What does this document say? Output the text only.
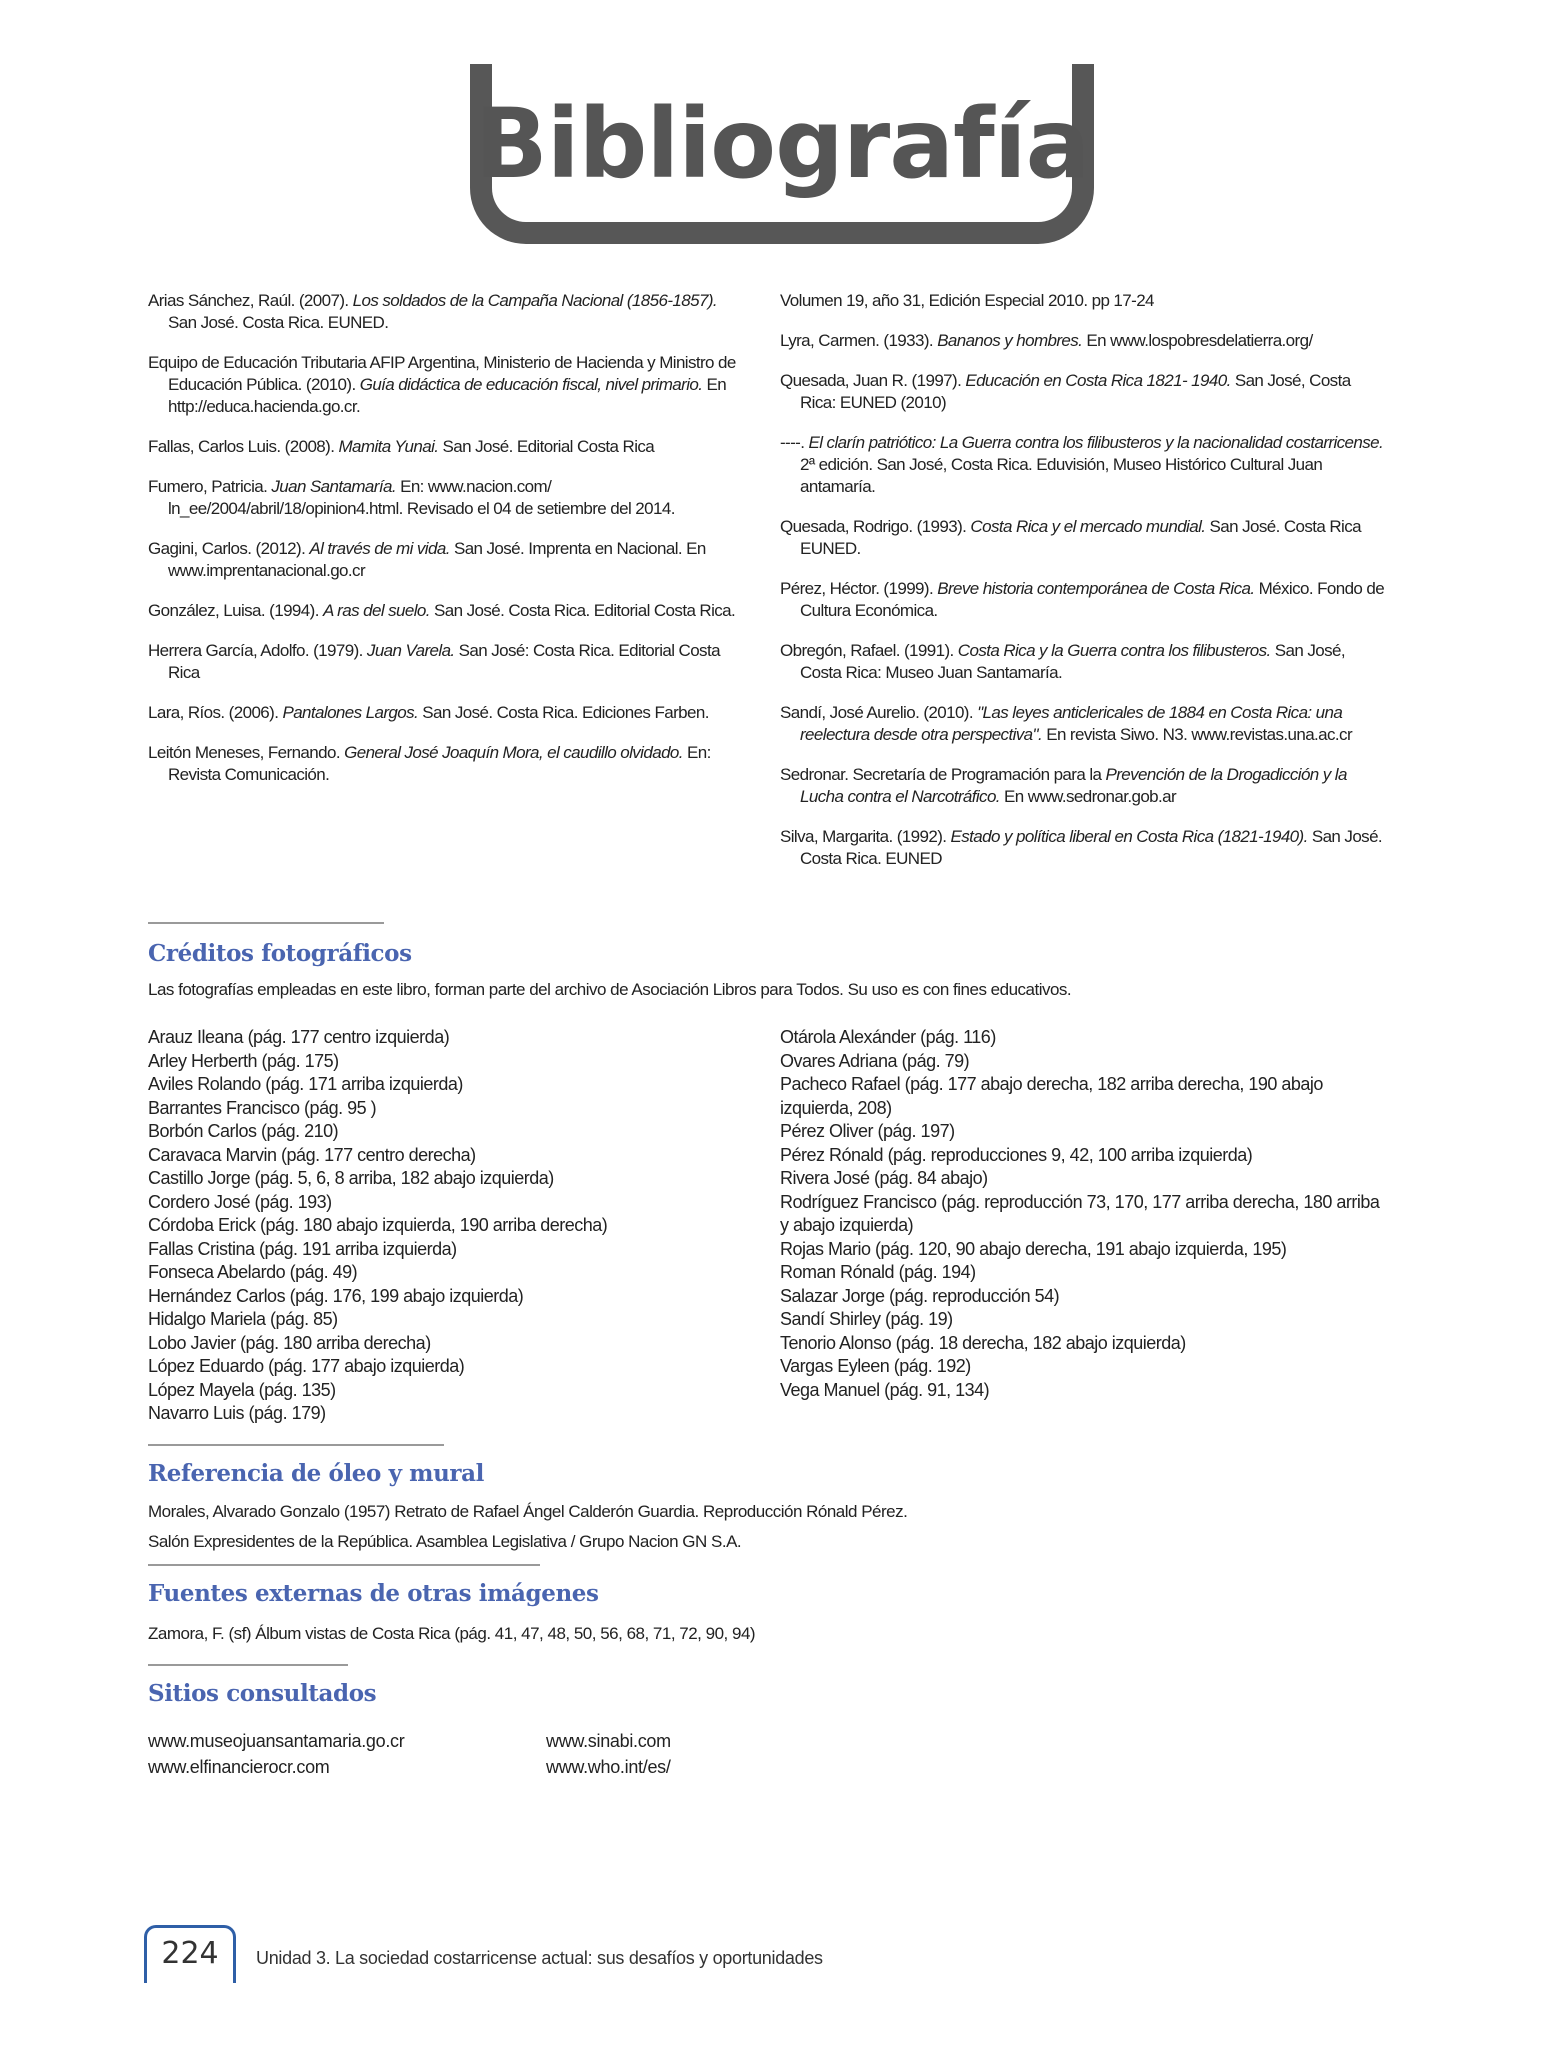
Bibliografía

Arias Sánchez, Raúl. (2007). Los soldados de la Campaña Nacional (1856-1857). San José. Costa Rica. EUNED.

Equipo de Educación Tributaria AFIP Argentina, Ministerio de Hacienda y Ministro de Educación Pública. (2010). Guía didáctica de educación fiscal, nivel primario. En http://educa.hacienda.go.cr.

Fallas, Carlos Luis. (2008). Mamita Yunai. San José. Editorial Costa Rica

Fumero, Patricia. Juan Santamaría. En: www.nacion.com/ ln_ee/2004/abril/18/opinion4.html. Revisado el 04 de setiembre del 2014.

Gagini, Carlos. (2012). Al través de mi vida. San José. Imprenta en Nacional. En www.imprentanacional.go.cr

González, Luisa. (1994). A ras del suelo. San José. Costa Rica. Editorial Costa Rica.

Herrera García, Adolfo. (1979). Juan Varela. San José: Costa Rica. Editorial Costa Rica

Lara, Ríos. (2006). Pantalones Largos. San José. Costa Rica. Ediciones Farben.

Leitón Meneses, Fernando. General José Joaquín Mora, el caudillo olvidado. En: Revista Comunicación.

Volumen 19, año 31, Edición Especial 2010. pp 17-24

Lyra, Carmen. (1933). Bananos y hombres. En www.lospobresdelatierra.org/

Quesada, Juan R. (1997). Educación en Costa Rica 1821- 1940. San José, Costa Rica: EUNED (2010)

----. El clarín patriótico: La Guerra contra los filibusteros y la nacionalidad costarricense. 2ª edición. San José, Costa Rica. Eduvisión, Museo Histórico Cultural Juan antamaría.

Quesada, Rodrigo. (1993). Costa Rica y el mercado mundial. San José. Costa Rica EUNED.

Pérez, Héctor. (1999). Breve historia contemporánea de Costa Rica. México. Fondo de Cultura Económica.

Obregón, Rafael. (1991). Costa Rica y la Guerra contra los filibusteros. San José, Costa Rica: Museo Juan Santamaría.

Sandí, José Aurelio. (2010). "Las leyes anticlericales de 1884 en Costa Rica: una reelectura desde otra perspectiva". En revista Siwo. N3. www.revistas.una.ac.cr

Sedronar. Secretaría de Programación para la Prevención de la Drogadicción y la Lucha contra el Narcotráfico. En www.sedronar.gob.ar

Silva, Margarita. (1992). Estado y política liberal en Costa Rica (1821-1940). San José. Costa Rica. EUNED

Créditos fotográficos
Las fotografías empleadas en este libro, forman parte del archivo de Asociación Libros para Todos. Su uso es con fines educativos.
Arauz Ileana (pág. 177 centro izquierda)
Arley Herberth (pág. 175)
Aviles Rolando (pág. 171 arriba izquierda)
Barrantes Francisco (pág. 95 )
Borbón Carlos (pág. 210)
Caravaca Marvin (pág. 177 centro derecha)
Castillo Jorge (pág. 5, 6, 8 arriba, 182 abajo izquierda)
Cordero José (pág. 193)
Córdoba Erick (pág. 180 abajo izquierda, 190 arriba derecha)
Fallas Cristina (pág. 191 arriba izquierda)
Fonseca Abelardo (pág. 49)
Hernández Carlos (pág. 176, 199 abajo izquierda)
Hidalgo Mariela (pág. 85)
Lobo Javier (pág. 180 arriba derecha)
López Eduardo (pág. 177 abajo izquierda)
López Mayela (pág. 135)
Navarro Luis (pág. 179)
Otárola Alexánder (pág. 116)
Ovares Adriana (pág. 79)
Pacheco Rafael (pág. 177 abajo derecha, 182 arriba derecha, 190 abajo izquierda, 208)
Pérez Oliver (pág. 197)
Pérez Rónald (pág. reproducciones 9, 42, 100 arriba izquierda)
Rivera José (pág. 84 abajo)
Rodríguez Francisco (pág. reproducción 73, 170, 177 arriba derecha, 180 arriba y abajo izquierda)
Rojas Mario (pág. 120, 90 abajo derecha, 191 abajo izquierda, 195)
Roman Rónald (pág. 194)
Salazar Jorge (pág. reproducción 54)
Sandí Shirley (pág. 19)
Tenorio Alonso (pág. 18 derecha, 182 abajo izquierda)
Vargas Eyleen (pág. 192)
Vega Manuel (pág. 91, 134)
Referencia de óleo y mural
Morales, Alvarado Gonzalo (1957) Retrato de Rafael Ángel Calderón Guardia. Reproducción Rónald Pérez.
Salón Expresidentes de la República. Asamblea Legislativa / Grupo Nacion GN S.A.
Fuentes externas de otras imágenes
Zamora, F. (sf) Álbum vistas de Costa Rica (pág. 41, 47, 48, 50, 56, 68, 71, 72, 90, 94)
Sitios consultados
www.museojuansantamaria.go.cr
www.elfinancierocr.com
www.sinabi.com
www.who.int/es/
224	Unidad 3. La sociedad costarricense actual: sus desafíos y oportunidades
